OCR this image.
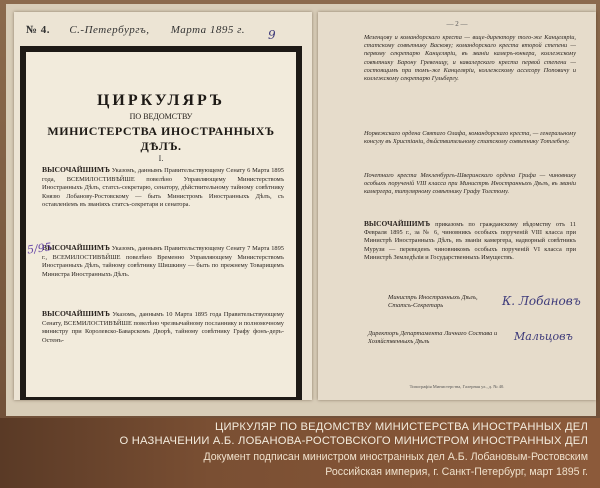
№ 4. С.-Петербургъ, Марта 1895 г. 9
ЦИРКУЛЯРЪ
ПО ВЕДОМСТВУ
МИНИСТЕРСТВА ИНОСТРАННЫХЪ ДѢЛЪ.
I.
ВЫСОЧАЙШИМЪ Указомъ, даннымъ Правительствующему Сенату 6 Марта 1895 года, ВСЕМИЛОСТИВѢЙШЕ повелѣно Управляющему Министерствомъ Иностранныхъ Дѣлъ, статсъ-секретарю, сенатору, дѣйствительному тайному совѣтнику Князю Лобанову-Ростовскому — быть Министромъ Иностранныхъ Дѣлъ, съ оставленiемъ въ званiяхъ статсъ-секретаря и сенатора.
ВЫСОЧАЙШИМЪ Указомъ, даннымъ Правительствующему Сенату 7 Марта 1895 г., ВСЕМИЛОСТИВѢЙШЕ повелѣно Временно Управляющему Министерствомъ Иностранныхъ Дѣлъ, тайному совѣтнику Шишкину — быть по прежнему Товарищемъ Министра Иностранныхъ Дѣлъ.
ВЫСОЧАЙШИМЪ Указомъ, даннымъ 10 Марта 1895 года Правительствующему Сенату, ВСЕМИЛОСТИВѢЙШЕ повелѣно чрезвычайному посланнику и полномочному министру при Королевско-Баварскомъ Дворѣ, тайному совѣтнику Графу фонъ-деръ-Остенъ-
5/95
— 2 —
Мезенцову и командорскаго креста — вице-директору того-же Канцелярiи, статскому совѣтнику Васкову; командорскаго креста второй степени — первому секретарю Канцелярiи, въ званiи камеръ-юнкера, коллежскому совѣтнику Барону Гревеницу, и кавалерскаго креста первой степени — состоящимъ при томъ-же Канцелярiи, коллежскому ассесору Поповичу и коллежскому секретарю Гульбергу.
Норвежскаго ордена Святаго Олафа, командорскаго креста, — генеральному консулу въ Христiанiи, дѣйствительному статскому совѣтнику Тотлебену.
Почетнаго креста Мекленбургъ-Шверинскаго ордена Грифа — чиновнику особыхъ порученiй VIII класса при Министрѣ Иностранныхъ Дѣлъ, въ званiи камергера, титулярному совѣтнику Графу Толстому.
ВЫСОЧАЙШИМЪ приказомъ по гражданскому вѣдомству отъ 11 Февраля 1895 г., за № 6, чиновникъ особыхъ порученiй VIII класса при Министрѣ Иностранныхъ Дѣлъ, въ званiи камергера, надворный совѣтникъ Мурузи — переведенъ чиновникомъ особыхъ порученiй VI класса при Министрѣ Земледѣлiя и Государственныхъ Имуществъ.
Министръ Иностранныхъ Дѣлъ, Статсъ-Секретарь	К. Лобановъ
Директоръ Департамента Личнаго Состава и Хозяйственныхъ Дѣлъ	Мальцовъ
Типографiя Министерства, Галерная ул., д. № 40.
ЦИРКУЛЯР ПО ВЕДОМСТВУ МИНИСТЕРСТВА ИНОСТРАННЫХ ДЕЛ
О НАЗНАЧЕНИИ А.Б. ЛОБАНОВА-РОСТОВСКОГО МИНИСТРОМ ИНОСТРАННЫХ ДЕЛ
Документ подписан министром иностранных дел А.Б. Лобановым-Ростовским
Российская империя, г. Санкт-Петербург, март 1895 г.
